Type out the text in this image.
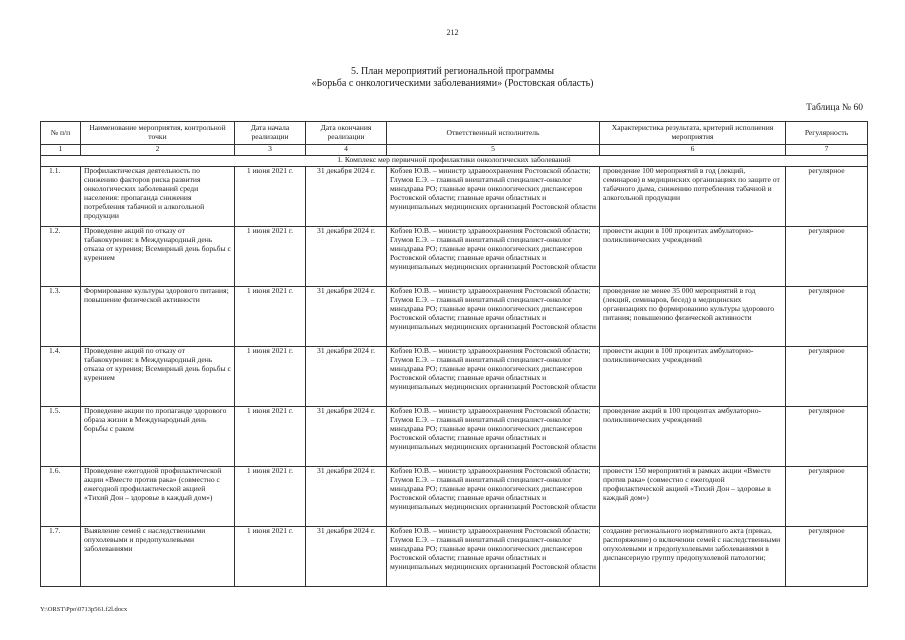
212
5. План мероприятий региональной программы
«Борьба с онкологическими заболеваниями» (Ростовская область)
Таблица № 60
№ п/п	Наименование мероприятия, контрольной точки	Дата начала реализации	Дата окончания реализации	Ответственный исполнитель	Характеристика результата, критерий исполнения мероприятия	Регулярность
1	2	3	4	5	6	7
1. Комплекс мер первичной профилактики онкологических заболеваний						
1.1.	Профилактическая деятельность по снижению факторов риска развития онкологических заболеваний среди населения: пропаганда снижения потребления табачной и алкогольной продукции	1 июня 2021 г.	31 декабря 2024 г.	Кобзев Ю.В. – министр здравоохранения Ростовской области; Глумов Е.Э. – главный внештатный специалист-онколог минздрава РО; главные врачи онкологических диспансеров Ростовской области; главные врачи областных и муниципальных медицинских организаций Ростовской области	проведение 100 мероприятий в год (лекций, семинаров) в медицинских организациях по защите от табачного дыма, снижению потребления табачной и алкогольной продукции	регулярное
1.2.	Проведение акций по отказу от табакокурения: в Международный день отказа от курения; Всемирный день борьбы с курением	1 июня 2021 г.	31 декабря 2024 г.	Кобзев Ю.В. – министр здравоохранения Ростовской области; Глумов Е.Э. – главный внештатный специалист-онколог минздрава РО; главные врачи онкологических диспансеров Ростовской области; главные врачи областных и муниципальных медицинских организаций Ростовской области	провести акции в 100 процентах амбулаторно-поликлинических учреждений	регулярное
1.3.	Формирование культуры здорового питания; повышение физической активности	1 июня 2021 г.	31 декабря 2024 г.	Кобзев Ю.В. – министр здравоохранения Ростовской области; Глумов Е.Э. – главный внештатный специалист-онколог минздрава РО; главные врачи онкологических диспансеров Ростовской области; главные врачи областных и муниципальных медицинских организаций Ростовской области	проведение не менее 35 000 мероприятий в год (лекций, семинаров, бесед) в медицинских организациях по формированию культуры здорового питания; повышению физической активности	регулярное
1.4.	Проведение акций по отказу от табакокурения: в Международный день отказа от курения; Всемирный день борьбы с курением	1 июня 2021 г.	31 декабря 2024 г.	Кобзев Ю.В. – министр здравоохранения Ростовской области; Глумов Е.Э. – главный внештатный специалист-онколог минздрава РО; главные врачи онкологических диспансеров Ростовской области; главные врачи областных и муниципальных медицинских организаций Ростовской области	провести акции в 100 процентах амбулаторно-поликлинических учреждений	регулярное
1.5.	Проведение акции по пропаганде здорового образа жизни в Международный день борьбы с раком	1 июня 2021 г.	31 декабря 2024 г.	Кобзев Ю.В. – министр здравоохранения Ростовской области; Глумов Е.Э. – главный внештатный специалист-онколог минздрава РО; главные врачи онкологических диспансеров Ростовской области; главные врачи областных и муниципальных медицинских организаций Ростовской области	проведение акций в 100 процентах амбулаторно-поликлинических учреждений	регулярное
1.6.	Проведение ежегодной профилактической акции «Вместе против рака» (совместно с ежегодной профилактической акцией «Тихий Дон – здоровье в каждый дом»)	1 июня 2021 г.	31 декабря 2024 г.	Кобзев Ю.В. – министр здравоохранения Ростовской области; Глумов Е.Э. – главный внештатный специалист-онколог минздрава РО; главные врачи онкологических диспансеров Ростовской области; главные врачи областных и муниципальных медицинских организаций Ростовской области	провести 150 мероприятий в рамках акции «Вместе против рака» (совместно с ежегодной профилактической акцией «Тихий Дон – здоровье в каждый дом»)	регулярное
1.7.	Выявление семей с наследственными опухолевыми и предопухолевыми заболеваниями	1 июня 2021 г.	31 декабря 2024 г.	Кобзев Ю.В. – министр здравоохранения Ростовской области; Глумов Е.Э. – главный внештатный специалист-онколог минздрава РО; главные врачи онкологических диспансеров Ростовской области; главные врачи областных и муниципальных медицинских организаций Ростовской области	создание регионального нормативного акта (приказ, распоряжение) о включении семей с наследственными опухолевыми и предопухолевыми заболеваниями в диспансерную группу предопухолевой патологии;	регулярное
Y:\ORST\Ppo\0713p561.f2l.docx
